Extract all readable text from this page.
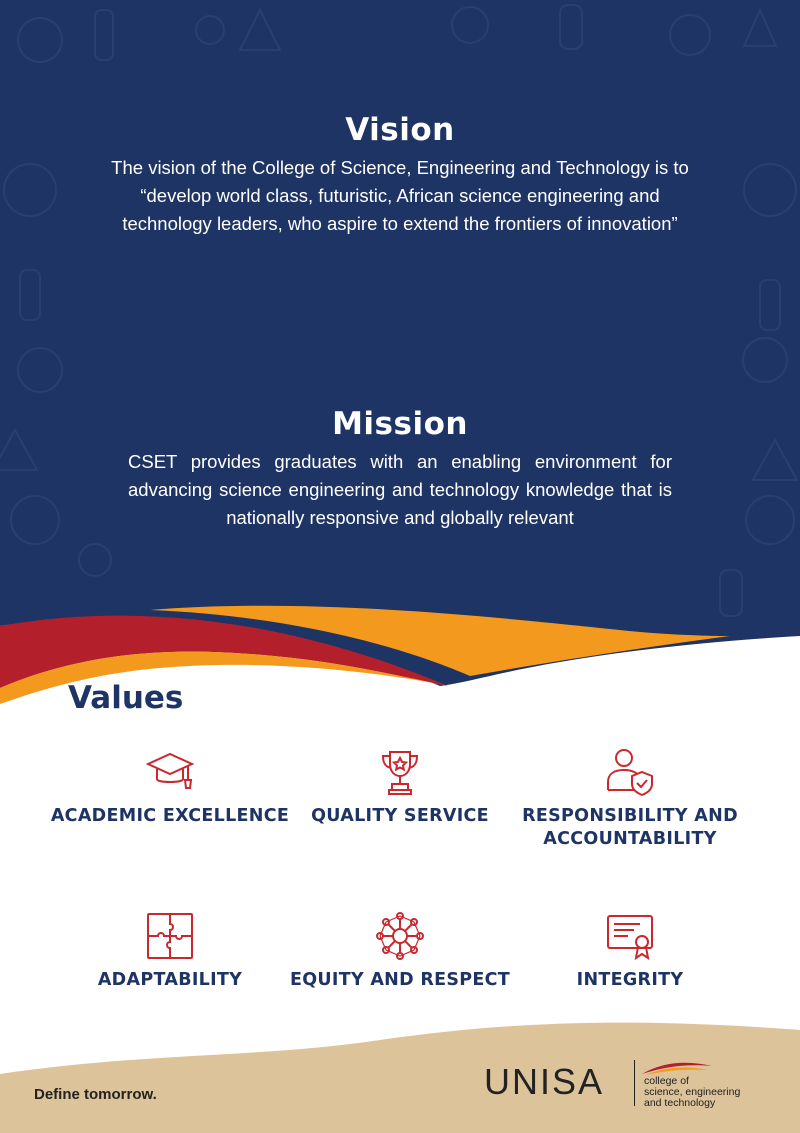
Vision

The vision of the College of Science, Engineering and Technology is to “develop world class, futuristic, African science engineering and technology leaders, who aspire to extend the frontiers of innovation”

Mission

CSET provides graduates with an enabling environment for advancing science engineering and technology knowledge that is nationally responsive and globally relevant

Values
ACADEMIC EXCELLENCE	QUALITY SERVICE	RESPONSIBILITY AND ACCOUNTABILITY
ADAPTABILITY	EQUITY AND RESPECT	INTEGRITY
Define tomorrow.	UNISA	college of
science, engineering
and technology
